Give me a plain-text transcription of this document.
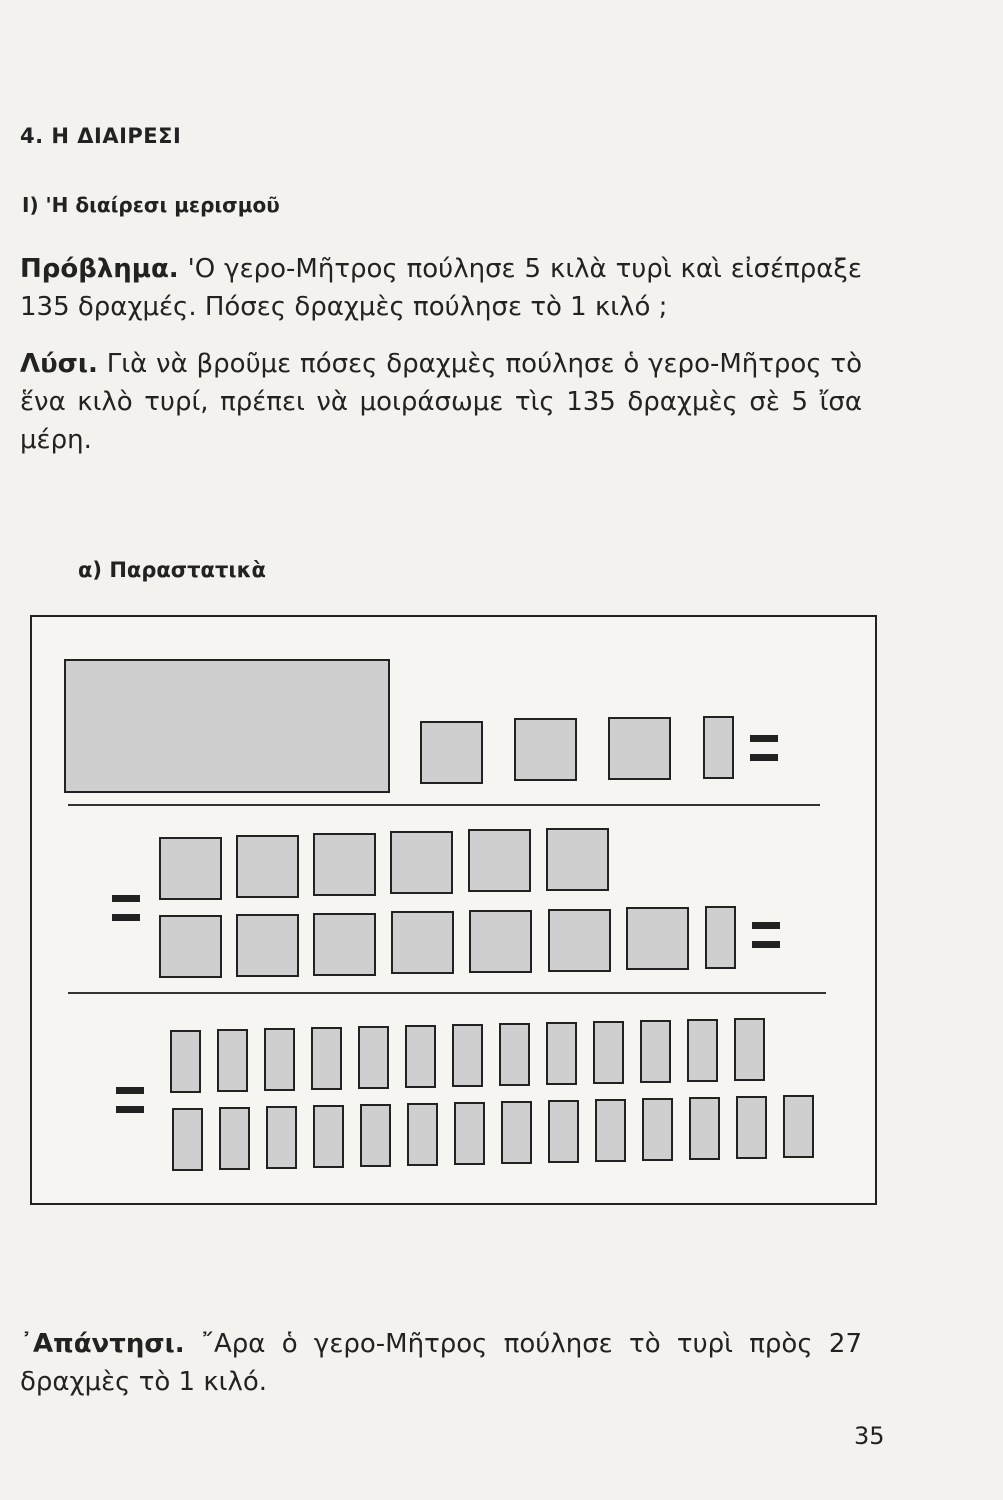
4. Η ΔΙΑΙΡΕΣΙ
I) 'Η διαίρεσι μερισμοῦ
Πρόβλημα. 'Ο γερο-Μῆτρος πούλησε 5 κιλὰ τυρὶ καὶ εἰσέπραξε 135 δραχμές. Πόσες δραχμὲς πούλησε τὸ 1 κιλό ;
Λύσι. Γιὰ νὰ βροῦμε πόσες δραχμὲς πούλησε ὁ γερο-Μῆτρος τὸ ἕνα κιλὸ τυρί, πρέπει νὰ μοιράσωμε τὶς 135 δραχμὲς σὲ 5 ἴσα μέρη.
α) Παραστατικὰ
᾿Απάντησι. ῎Αρα ὁ γερο-Μῆτρος πούλησε τὸ τυρὶ πρὸς 27 δραχμὲς τὸ 1 κιλό.
35
